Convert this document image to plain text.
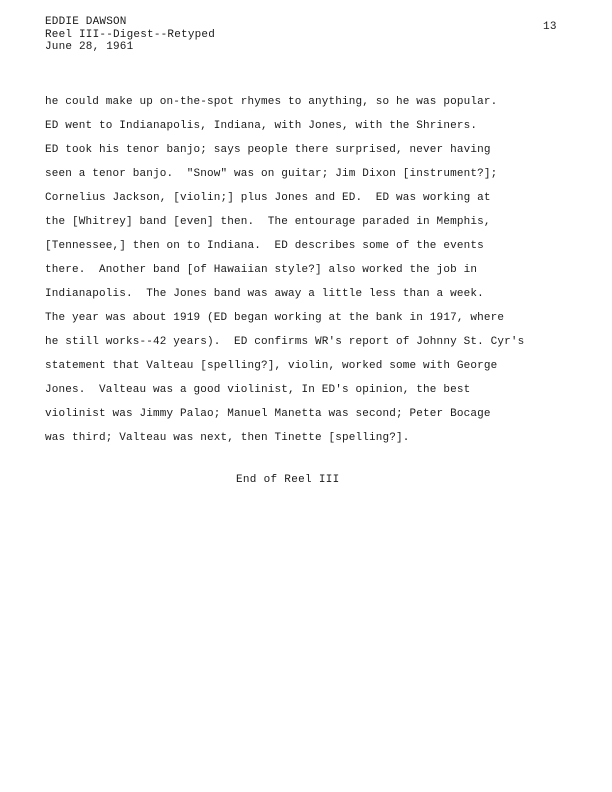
EDDIE DAWSON
Reel III--Digest--Retyped
June 28, 1961
13
he could make up on-the-spot rhymes to anything, so he was popular.
ED went to Indianapolis, Indiana, with Jones, with the Shriners.
ED took his tenor banjo; says people there surprised, never having
seen a tenor banjo.  "Snow" was on guitar; Jim Dixon [instrument?];
Cornelius Jackson, [violin;] plus Jones and ED.  ED was working at
the [Whitrey] band [even] then.  The entourage paraded in Memphis,
[Tennessee,] then on to Indiana.  ED describes some of the events
there.  Another band [of Hawaiian style?] also worked the job in
Indianapolis.  The Jones band was away a little less than a week.
The year was about 1919 (ED began working at the bank in 1917, where
he still works--42 years).  ED confirms WR's report of Johnny St. Cyr's
statement that Valteau [spelling?], violin, worked some with George
Jones.  Valteau was a good violinist, In ED's opinion, the best
violinist was Jimmy Palao; Manuel Manetta was second; Peter Bocage
was third; Valteau was next, then Tinette [spelling?].
End of Reel III
